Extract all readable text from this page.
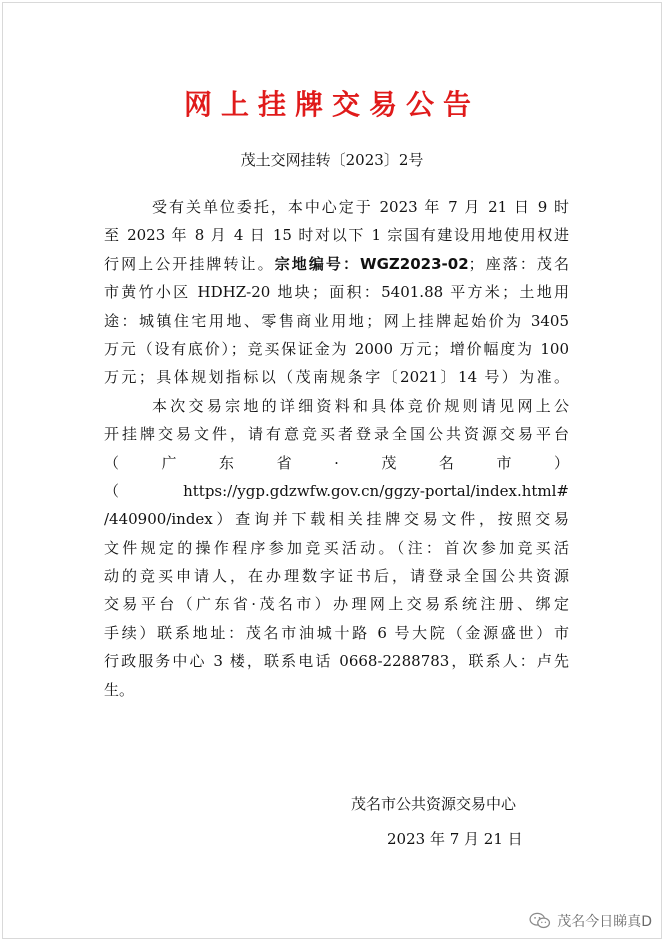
网上挂牌交易公告
茂土交网挂转〔2023〕2号
受有关单位委托，本中心定于 2023 年 7 月 21 日 9 时
至 2023 年 8 月 4 日 15 时对以下 1 宗国有建设用地使用权进
行网上公开挂牌转让。宗地编号：WGZ2023-02；座落：茂名
市黄竹小区 HDHZ-20 地块；面积：5401.88 平方米；土地用
途：城镇住宅用地、零售商业用地；网上挂牌起始价为 3405
万元（设有底价）；竞买保证金为 2000 万元；增价幅度为 100
万元；具体规划指标以（茂南规条字〔2021〕14 号）为准。
本次交易宗地的详细资料和具体竞价规则请见网上公
开挂牌交易文件，请有意竞买者登录全国公共资源交易平台
（广东省·茂名市）
（https://ygp.gdzwfw.gov.cn/ggzy-portal/index.html#
/440900/index）查询并下载相关挂牌交易文件，按照交易
文件规定的操作程序参加竞买活动。（注：首次参加竞买活
动的竞买申请人，在办理数字证书后，请登录全国公共资源
交易平台（广东省·茂名市）办理网上交易系统注册、绑定
手续）联系地址：茂名市油城十路 6 号大院（金源盛世）市
行政服务中心 3 楼，联系电话 0668-2288783，联系人：卢先
生。
茂名市公共资源交易中心
2023 年 7 月 21 日
茂名今日睇真D
